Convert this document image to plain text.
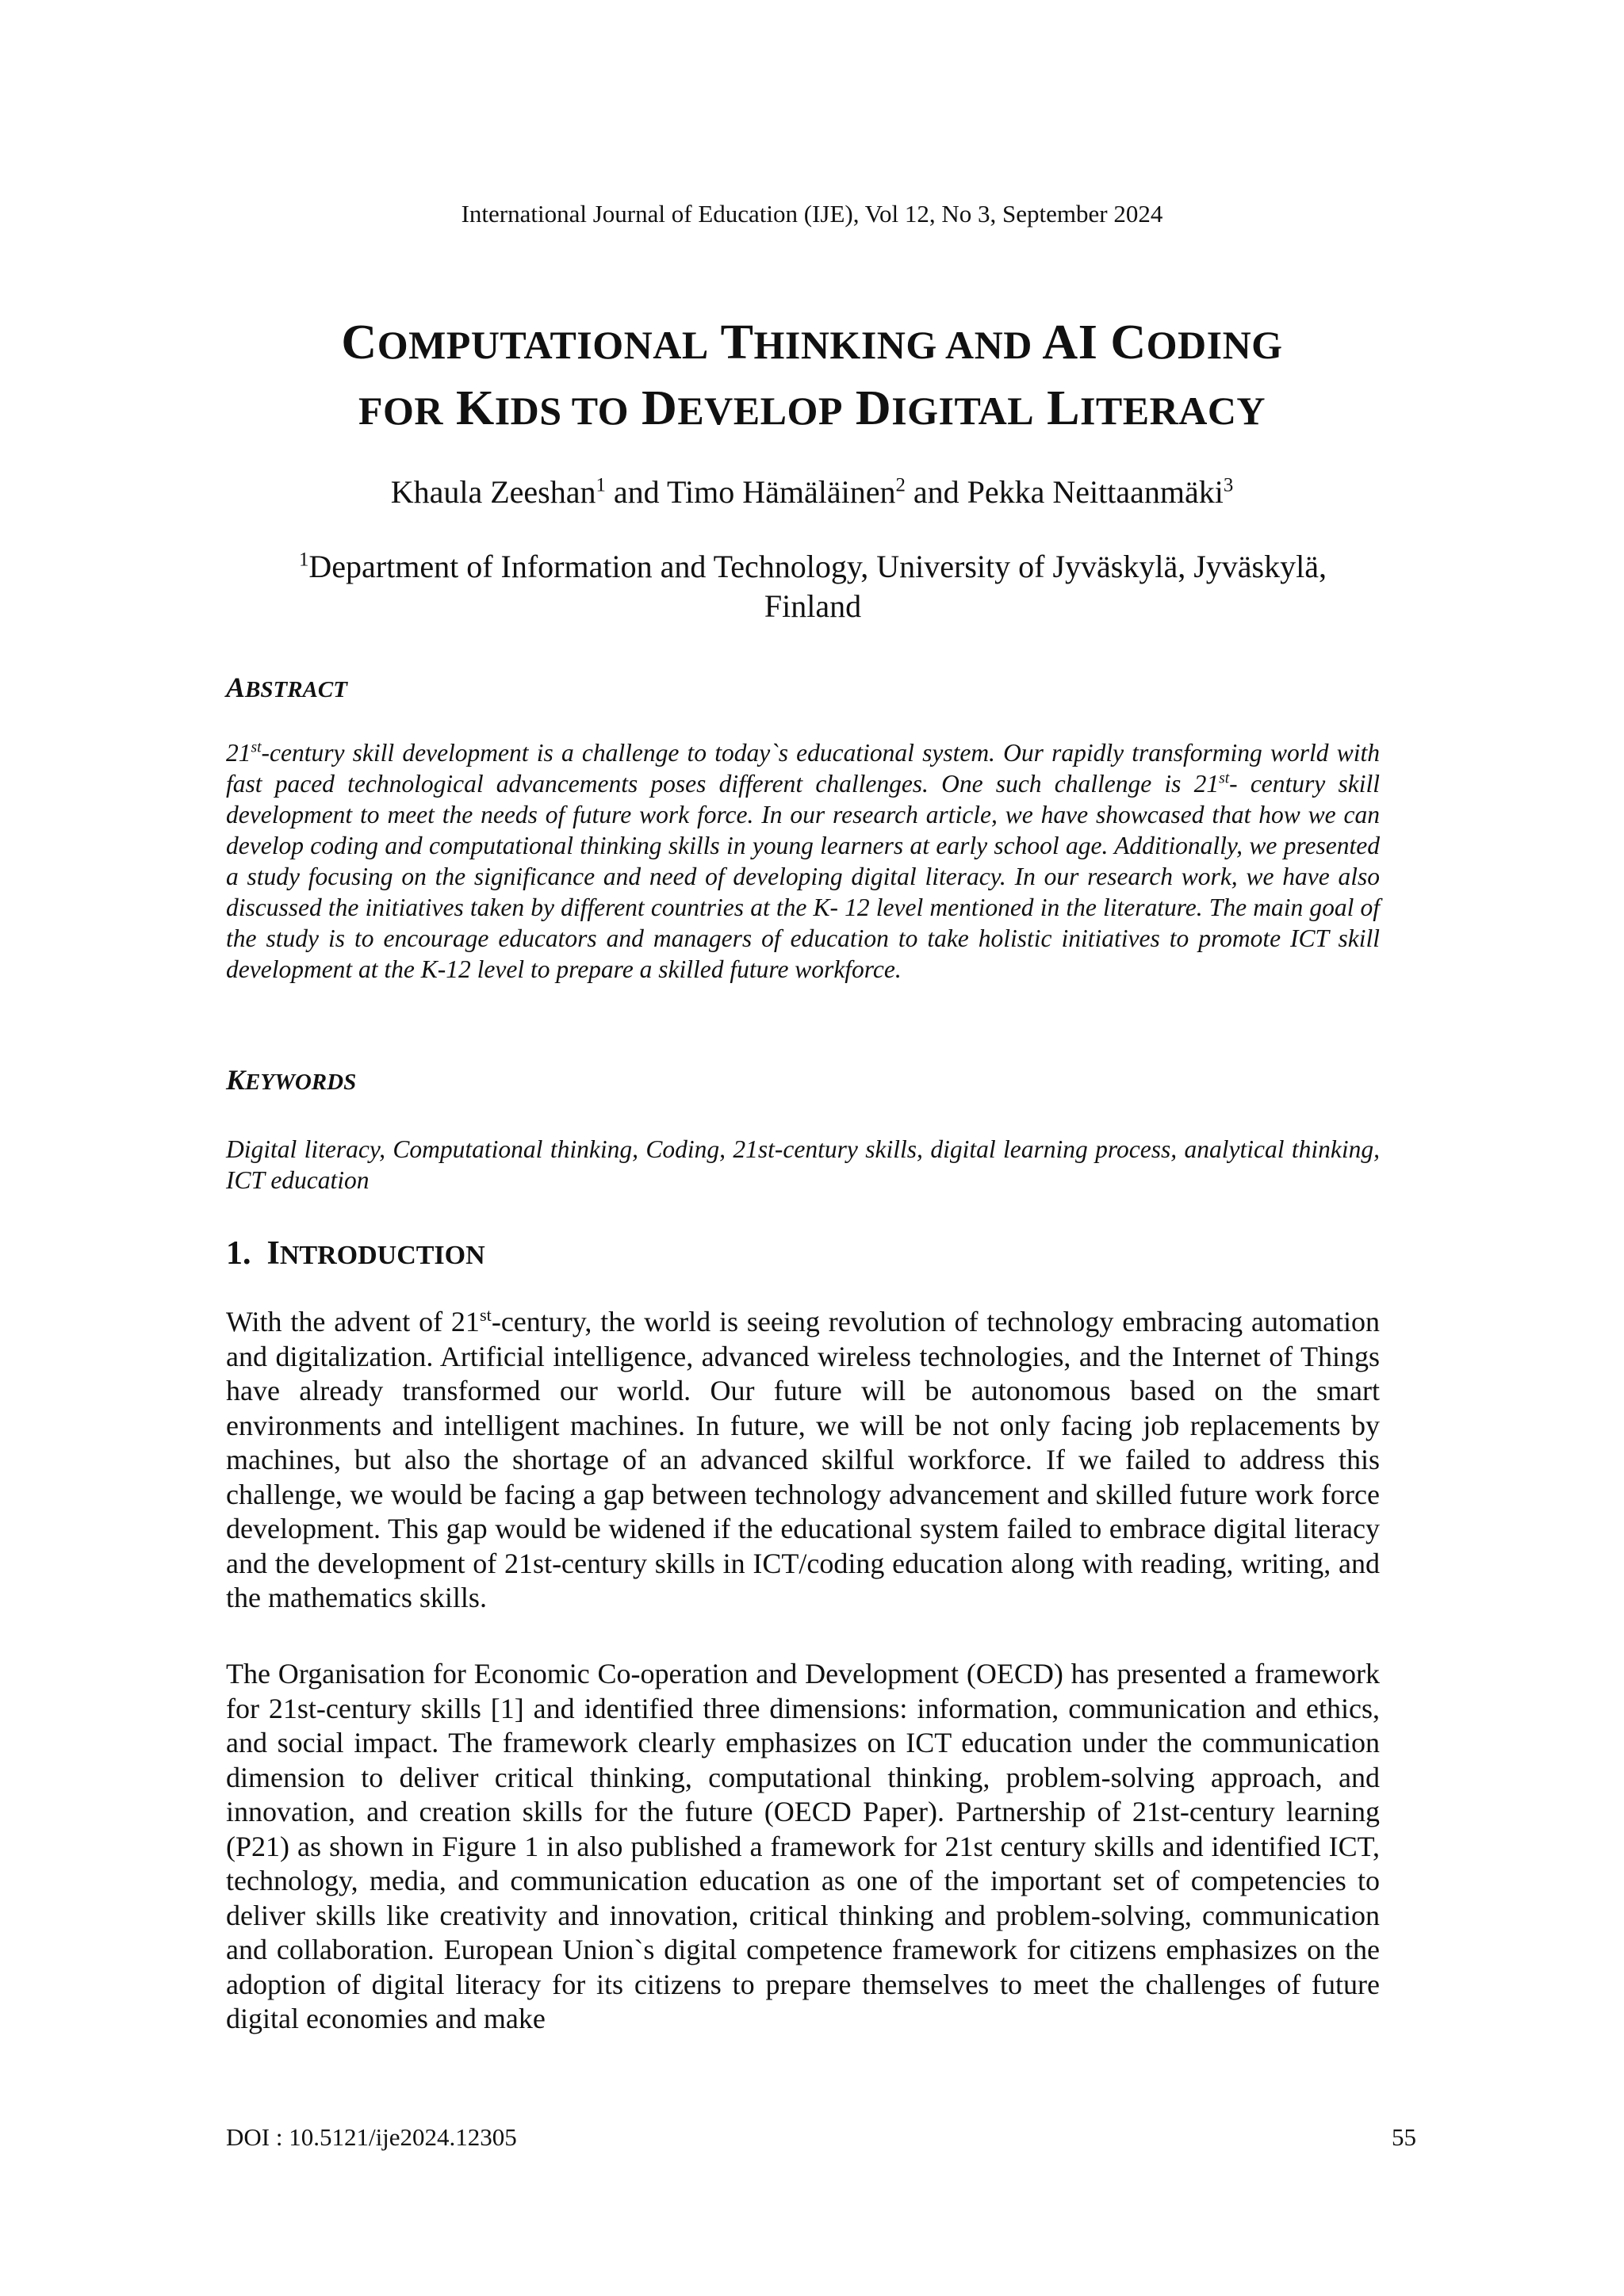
International Journal of Education (IJE), Vol 12, No 3, September 2024
COMPUTATIONAL THINKING AND AI CODING
FOR KIDS TO DEVELOP DIGITAL LITERACY
Khaula Zeeshan$^1$ and Timo Hämäläinen$^2$ and Pekka Neittaanmäki$^3$
$^1$Department of Information and Technology, University of Jyväskylä, Jyväskylä, Finland
ABSTRACT
21st-century skill development is a challenge to today`s educational system. Our rapidly transforming world with fast paced technological advancements poses different challenges. One such challenge is 21st- century skill development to meet the needs of future work force. In our research article, we have showcased that how we can develop coding and computational thinking skills in young learners at early school age. Additionally, we presented a study focusing on the significance and need of developing digital literacy. In our research work, we have also discussed the initiatives taken by different countries at the K- 12 level mentioned in the literature. The main goal of the study is to encourage educators and managers of education to take holistic initiatives to promote ICT skill development at the K-12 level to prepare a skilled future workforce.
KEYWORDS
Digital literacy, Computational thinking, Coding, 21st-century skills, digital learning process, analytical thinking, ICT education
1. INTRODUCTION
With the advent of 21st-century, the world is seeing revolution of technology embracing automation and digitalization. Artificial intelligence, advanced wireless technologies, and the Internet of Things have already transformed our world. Our future will be autonomous based on the smart environments and intelligent machines. In future, we will be not only facing job replacements by machines, but also the shortage of an advanced skilful workforce. If we failed to address this challenge, we would be facing a gap between technology advancement and skilled future work force development. This gap would be widened if the educational system failed to embrace digital literacy and the development of 21st-century skills in ICT/coding education along with reading, writing, and the mathematics skills.
The Organisation for Economic Co-operation and Development (OECD) has presented a framework for 21st-century skills [1] and identified three dimensions: information, communication and ethics, and social impact. The framework clearly emphasizes on ICT education under the communication dimension to deliver critical thinking, computational thinking, problem-solving approach, and innovation, and creation skills for the future (OECD Paper). Partnership of 21st-century learning (P21) as shown in Figure 1 in also published a framework for 21st century skills and identified ICT, technology, media, and communication education as one of the important set of competencies to deliver skills like creativity and innovation, critical thinking and problem-solving, communication and collaboration. European Union`s digital competence framework for citizens emphasizes on the adoption of digital literacy for its citizens to prepare themselves to meet the challenges of future digital economies and make
DOI : 10.5121/ije2024.12305	55
